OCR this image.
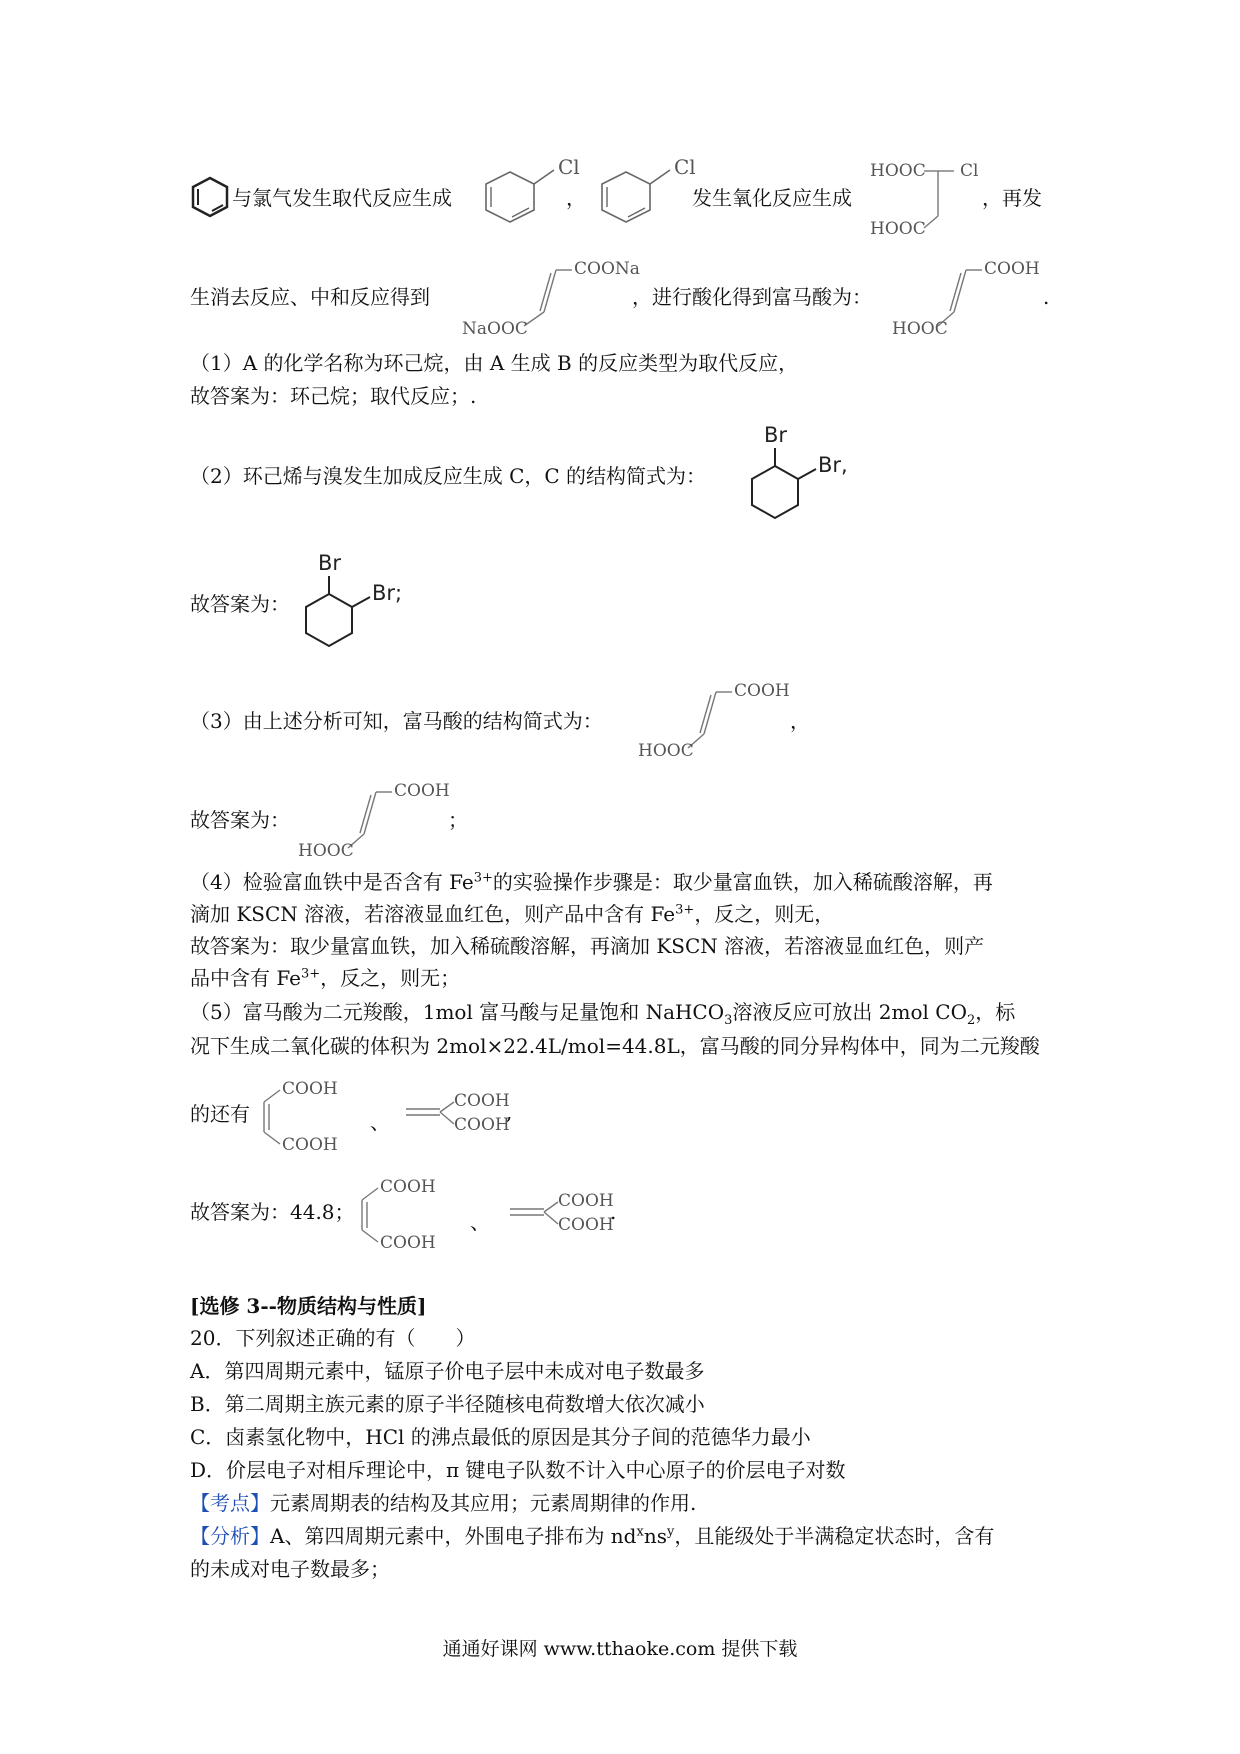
与氯气发生取代反应生成
Cl
，
Cl
发生氧化反应生成
HOOC Cl
HOOC
，再发
生消去反应、中和反应得到
COONa
NaOOC
，进行酸化得到富马酸为：
COOH
HOOC
.
（1）A 的化学名称为环己烷，由 A 生成 B 的反应类型为取代反应，
故答案为：环己烷；取代反应；.
（2）环己烯与溴发生加成反应生成 C，C 的结构简式为：
Br
Br,
故答案为：
Br
Br;
（3）由上述分析可知，富马酸的结构简式为：
COOH
HOOC
，
故答案为：
COOH
HOOC
；
（4）检验富血铁中是否含有 $Fe^{3+}$的实验操作步骤是：取少量富血铁，加入稀硫酸溶解，再
滴加 KSCN 溶液，若溶液显血红色，则产品中含有 $Fe^{3+}$，反之，则无，
故答案为：取少量富血铁，加入稀硫酸溶解，再滴加 KSCN 溶液，若溶液显血红色，则产
品中含有 $Fe^{3+}$，反之，则无；
（5）富马酸为二元羧酸，1mol 富马酸与足量饱和 NaHCO$_3$溶液反应可放出 2mol $CO_2$，标
况下生成二氧化碳的体积为 2mol×22.4L/mol=44.8L，富马酸的同分异构体中，同为二元羧酸
的还有
COOH
COOH
、
COOH
COOH
,
故答案为：44.8；
COOH
COOH
、
COOH
COOH
.
[选修 3--物质结构与性质]
20．下列叙述正确的有（　　）
A．第四周期元素中，锰原子价电子层中未成对电子数最多
B．第二周期主族元素的原子半径随核电荷数增大依次减小
C．卤素氢化物中，HCl 的沸点最低的原因是其分子间的范德华力最小
D．价层电子对相斥理论中，π 键电子队数不计入中心原子的价层电子对数
【考点】元素周期表的结构及其应用；元素周期律的作用.
【分析】A、第四周期元素中，外围电子排布为 $nd^xns^y$，且能级处于半满稳定状态时，含有
的未成对电子数最多；
通通好课网 www.tthaoke.com 提供下载
